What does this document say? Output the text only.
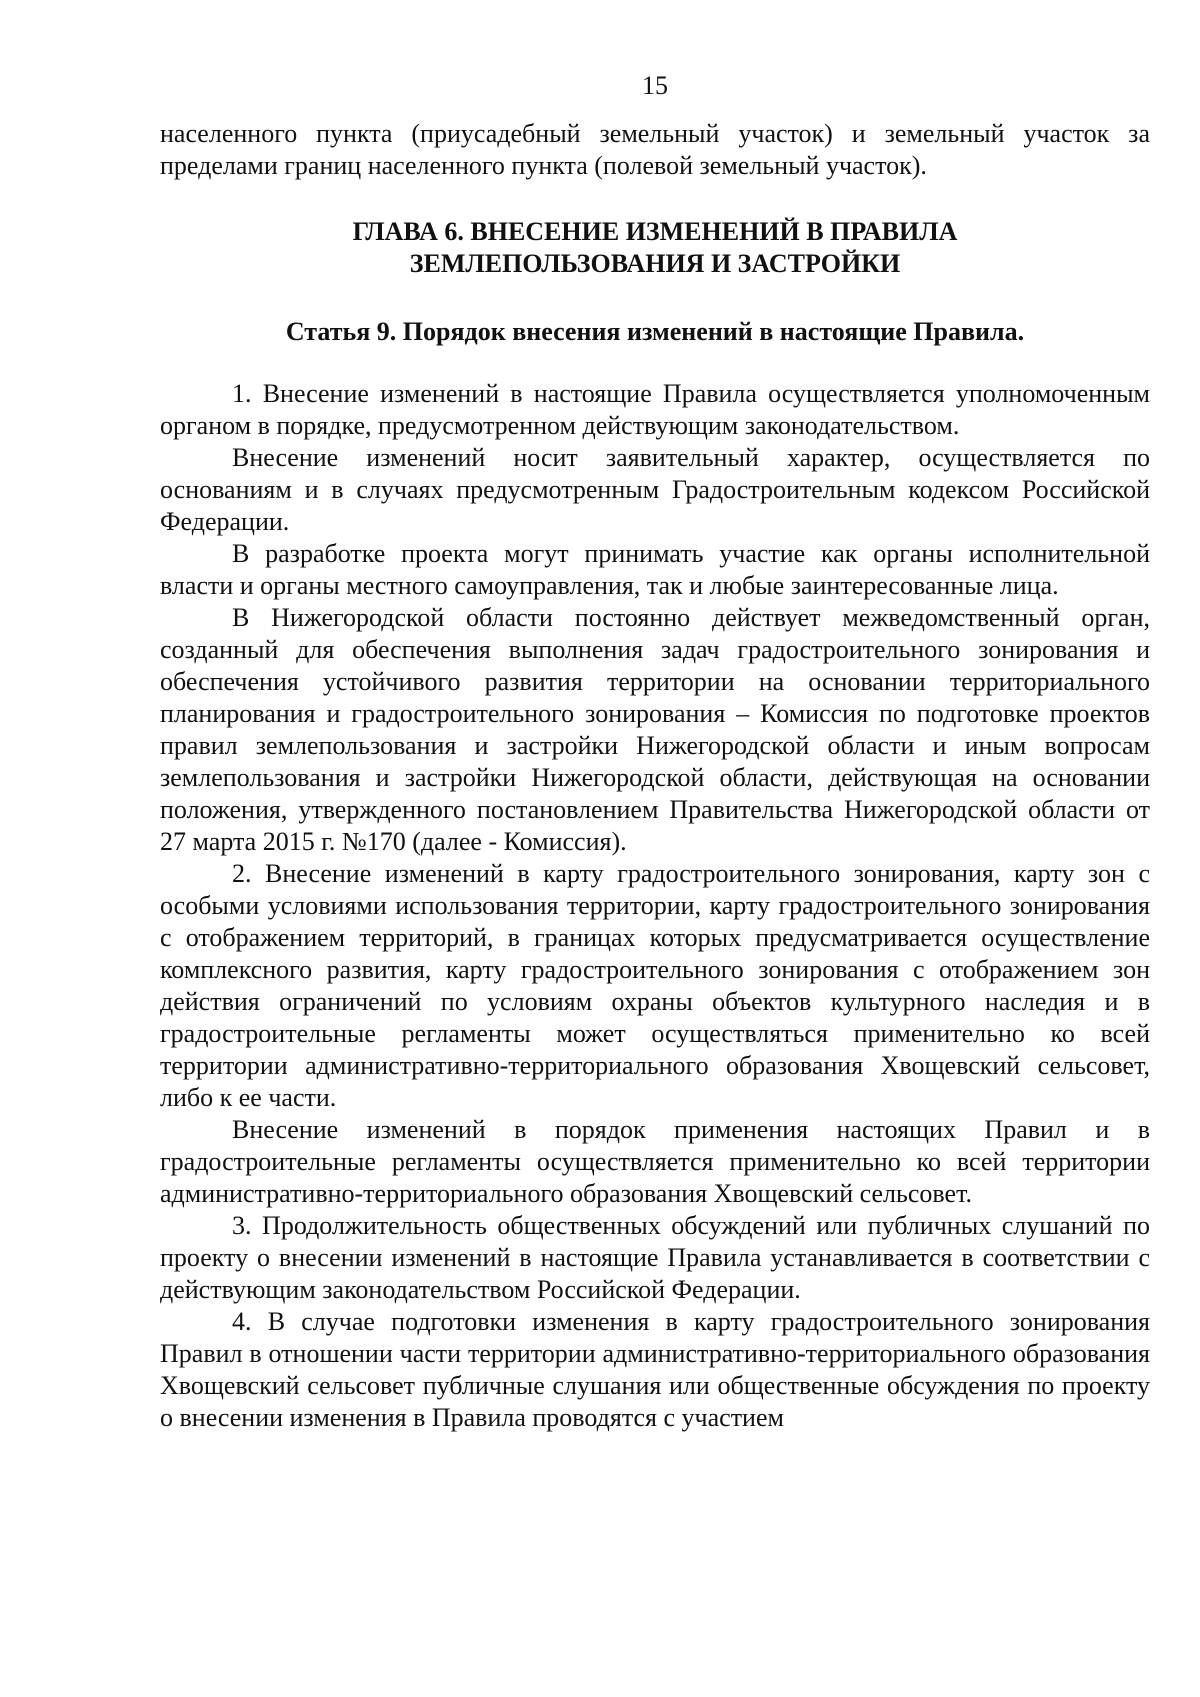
15

населенного пункта (приусадебный земельный участок) и земельный участок за пределами границ населенного пункта (полевой земельный участок).

ГЛАВА 6. ВНЕСЕНИЕ ИЗМЕНЕНИЙ В ПРАВИЛА
ЗЕМЛЕПОЛЬЗОВАНИЯ И ЗАСТРОЙКИ
Статья 9. Порядок внесения изменений в настоящие Правила.

1. Внесение изменений в настоящие Правила осуществляется уполномоченным органом в порядке, предусмотренном действующим законодательством.

Внесение изменений носит заявительный характер, осуществляется по основаниям и в случаях предусмотренным Градостроительным кодексом Российской Федерации.

В разработке проекта могут принимать участие как органы исполнительной власти и органы местного самоуправления, так и любые заинтересованные лица.

В Нижегородской области постоянно действует межведомственный орган, созданный для обеспечения выполнения задач градостроительного зонирования и обеспечения устойчивого развития территории на основании территориального планирования и градостроительного зонирования – Комиссия по подготовке проектов правил землепользования и застройки Нижегородской области и иным вопросам землепользования и застройки Нижегородской области, действующая на основании положения, утвержденного постановлением Правительства Нижегородской области от 27 марта 2015 г. №170 (далее - Комиссия).

2. Внесение изменений в карту градостроительного зонирования, карту зон с особыми условиями использования территории, карту градостроительного зонирования с отображением территорий, в границах которых предусматривается осуществление комплексного развития, карту градостроительного зонирования с отображением зон действия ограничений по условиям охраны объектов культурного наследия и в градостроительные регламенты может осуществляться применительно ко всей территории административно-территориального образования Хвощевский сельсовет, либо к ее части.

Внесение изменений в порядок применения настоящих Правил и в градостроительные регламенты осуществляется применительно ко всей территории административно-территориального образования Хвощевский сельсовет.

3. Продолжительность общественных обсуждений или публичных слушаний по проекту о внесении изменений в настоящие Правила устанавливается в соответствии с действующим законодательством Российской Федерации.

4. В случае подготовки изменения в карту градостроительного зонирования Правил в отношении части территории административно-территориального образования Хвощевский сельсовет публичные слушания или общественные обсуждения по проекту о внесении изменения в Правила проводятся с участием
